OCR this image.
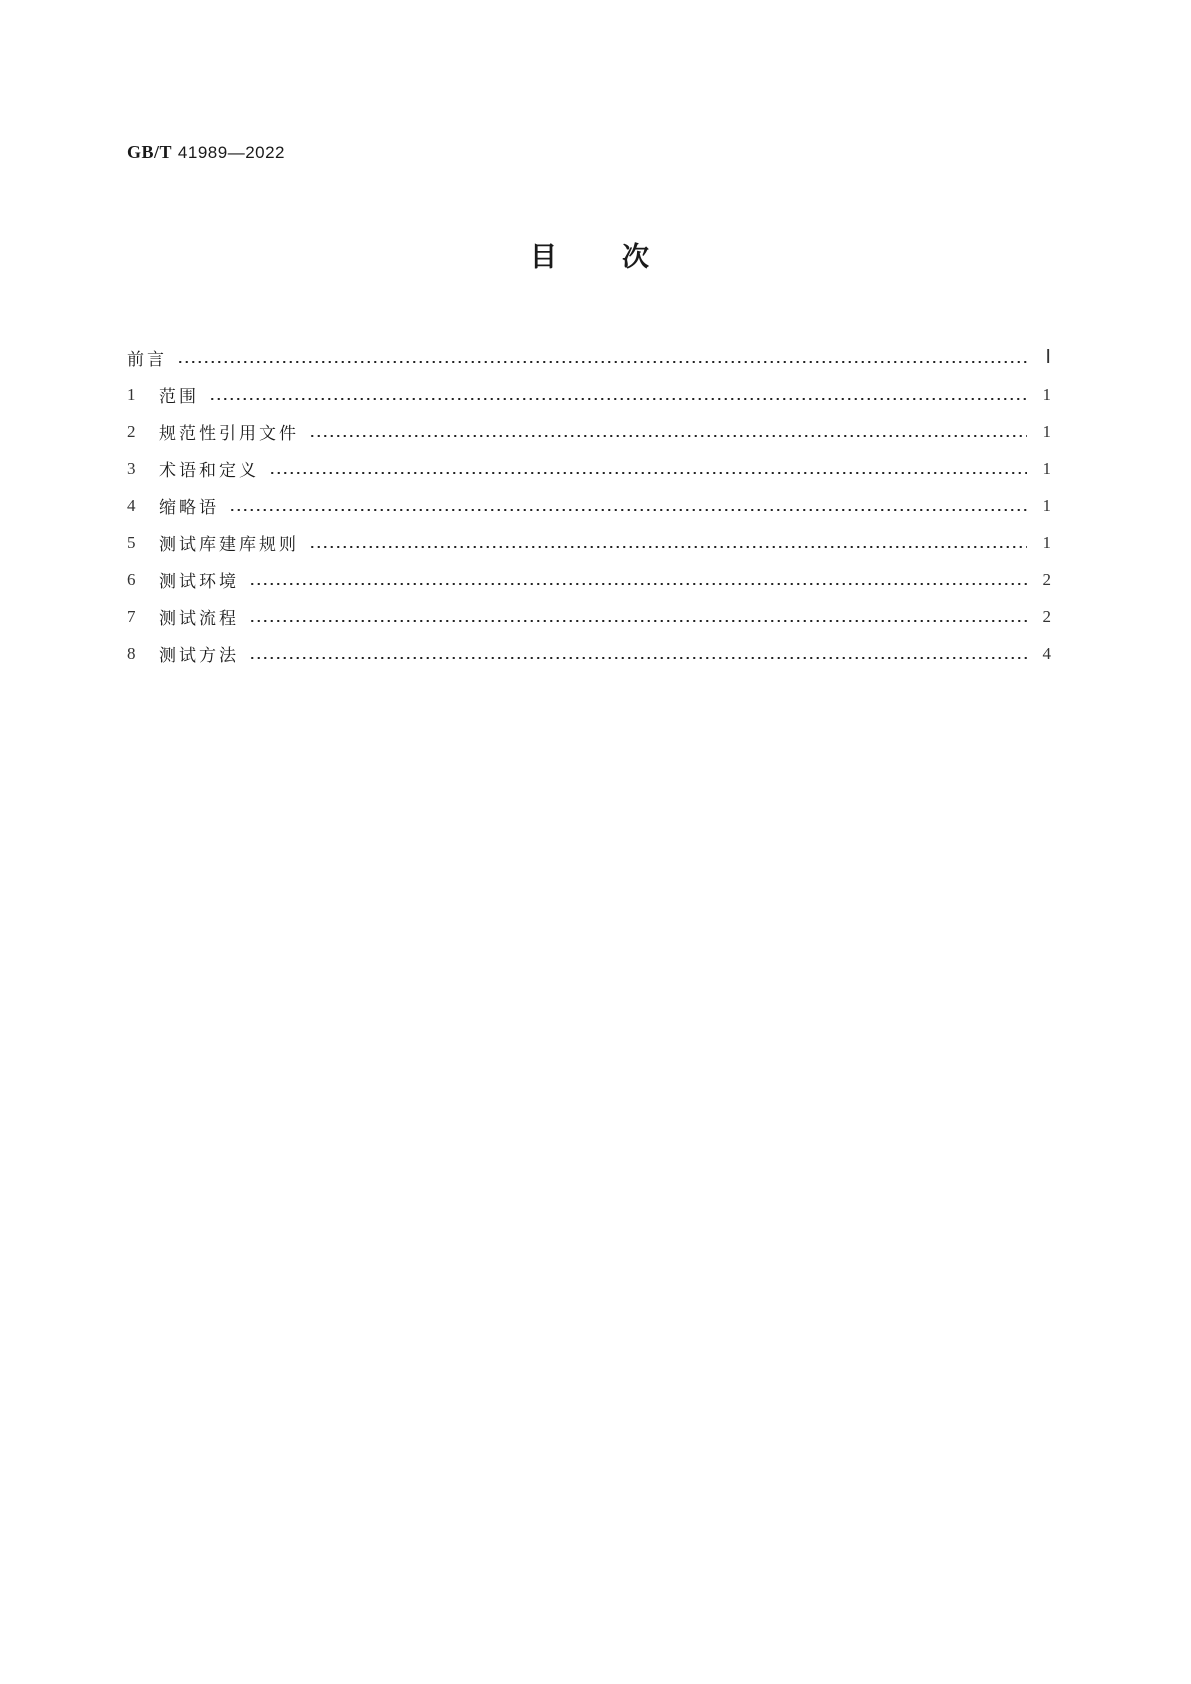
GB/T 41989—2022
目 次
前言	Ⅰ
1	范围	1
2	规范性引用文件	1
3	术语和定义	1
4	缩略语	1
5	测试库建库规则	1
6	测试环境	2
7	测试流程	2
8	测试方法	4
